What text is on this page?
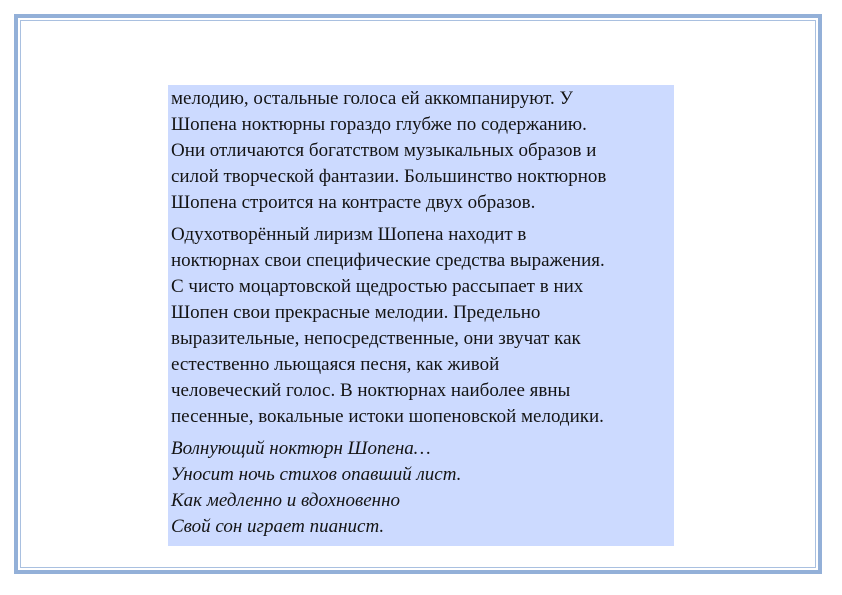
мелодию, остальные голоса ей аккомпанируют. У
Шопена ноктюрны гораздо глубже по содержанию.
Они отличаются богатством музыкальных образов и
силой творческой фантазии. Большинство ноктюрнов
Шопена строится на контрасте двух образов.

Одухотворённый лиризм Шопена находит в
ноктюрнах свои специфические средства выражения.
С чисто моцартовской щедростью рассыпает в них
Шопен свои прекрасные мелодии. Предельно
выразительные, непосредственные, они звучат как
естественно льющаяся песня, как живой
человеческий голос. В ноктюрнах наиболее явны
песенные, вокальные истоки шопеновской мелодики.

Волнующий ноктюрн Шопена…
Уносит ночь стихов опавший лист.
Как медленно и вдохновенно
Свой сон играет пианист.
